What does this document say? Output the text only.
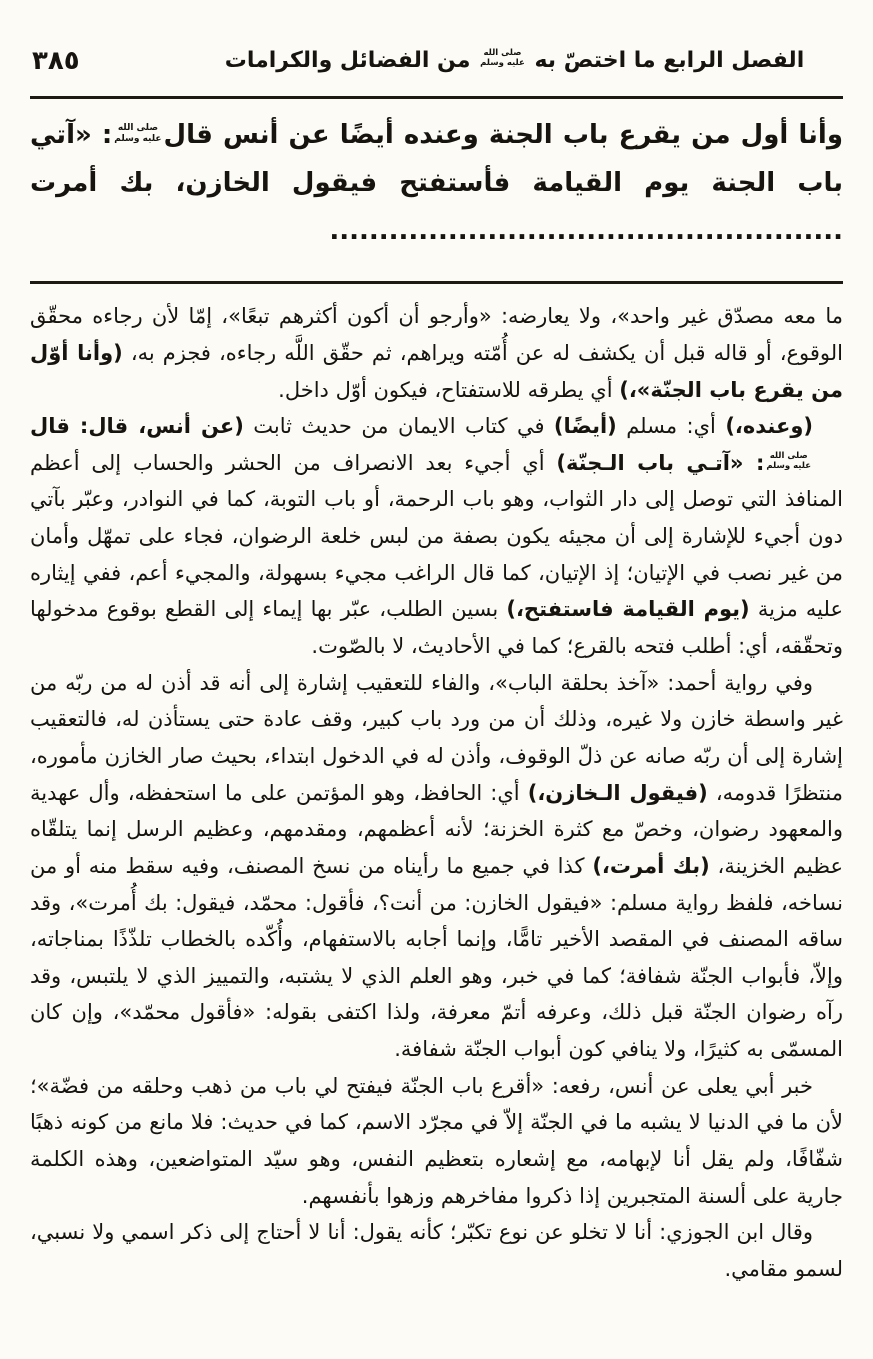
٣٨٥	الفصل الرابع ما اختصّ به
صلى الله
عليه وسلم
من الفضائل والكرامات

وأنا أول من يقرع باب الجنة وعنده أيضًا عن أنس قال
صلى الله
عليه وسلم
: «آتي باب الجنة يوم القيامة فأستفتح فيقول الخازن، بك أمرت ....................................................

ما معه مصدّق غير واحد»، ولا يعارضه: «وأرجو أن أكون أكثرهم تبعًا»، إمّا لأن رجاءه محقّق الوقوع، أو قاله قبل أن يكشف له عن أُمّته ويراهم، ثم حقّق اللَّه رجاءه، فجزم به، (وأنا أوّل من يقرع باب الجنّة»،) أي يطرقه للاستفتاح، فيكون أوّل داخل.

(وعنده،) أي: مسلم (أيضًا) في كتاب الايمان من حديث ثابت (عن أنس، قال: قال
صلى الله
عليه وسلم
: «آتـي باب الـجنّة) أي أجيء بعد الانصراف من الحشر والحساب إلى أعظم المنافذ التي توصل إلى دار الثواب، وهو باب الرحمة، أو باب التوبة، كما في النوادر، وعبّر بآتي دون أجيء للإشارة إلى أن مجيئه يكون بصفة من لبس خلعة الرضوان، فجاء على تمهّل وأمان من غير نصب في الإتيان؛ إذ الإتيان، كما قال الراغب مجيء بسهولة، والمجيء أعم، ففي إيثاره عليه مزية (يوم القيامة فاستفتح،) بسين الطلب، عبّر بها إيماء إلى القطع بوقوع مدخولها وتحقّقه، أي: أطلب فتحه بالقرع؛ كما في الأحاديث، لا بالصّوت.

وفي رواية أحمد: «آخذ بحلقة الباب»، والفاء للتعقيب إشارة إلى أنه قد أذن له من ربّه من غير واسطة خازن ولا غيره، وذلك أن من ورد باب كبير، وقف عادة حتى يستأذن له، فالتعقيب إشارة إلى أن ربّه صانه عن ذلّ الوقوف، وأذن له في الدخول ابتداء، بحيث صار الخازن مأموره، منتظرًا قدومه، (فيقول الـخازن،) أي: الحافظ، وهو المؤتمن على ما استحفظه، وأل عهدية والمعهود رضوان، وخصّ مع كثرة الخزنة؛ لأنه أعظمهم، ومقدمهم، وعظيم الرسل إنما يتلقّاه عظيم الخزينة، (بك أمرت،) كذا في جميع ما رأيناه من نسخ المصنف، وفيه سقط منه أو من نساخه، فلفظ رواية مسلم: «فيقول الخازن: من أنت؟، فأقول: محمّد، فيقول: بك أُمرت»، وقد ساقه المصنف في المقصد الأخير تامًّا، وإنما أجابه بالاستفهام، وأُكّده بالخطاب تلذّذًا بمناجاته، وإلاّ، فأبواب الجنّة شفافة؛ كما في خبر، وهو العلم الذي لا يشتبه، والتمييز الذي لا يلتبس، وقد رآه رضوان الجنّة قبل ذلك، وعرفه أتمّ معرفة، ولذا اكتفى بقوله: «فأقول محمّد»، وإن كان المسمّى به كثيرًا، ولا ينافي كون أبواب الجنّة شفافة.

خبر أبي يعلى عن أنس، رفعه: «أقرع باب الجنّة فيفتح لي باب من ذهب وحلقه من فضّة»؛ لأن ما في الدنيا لا يشبه ما في الجنّة إلاّ في مجرّد الاسم، كما في حديث: فلا مانع من كونه ذهبًا شفّافًا، ولم يقل أنا لإبهامه، مع إشعاره بتعظيم النفس، وهو سيّد المتواضعين، وهذه الكلمة جارية على ألسنة المتجبرين إذا ذكروا مفاخرهم وزهوا بأنفسهم.

وقال ابن الجوزي: أنا لا تخلو عن نوع تكبّر؛ كأنه يقول: أنا لا أحتاج إلى ذكر اسمي ولا نسبي، لسمو مقامي.
